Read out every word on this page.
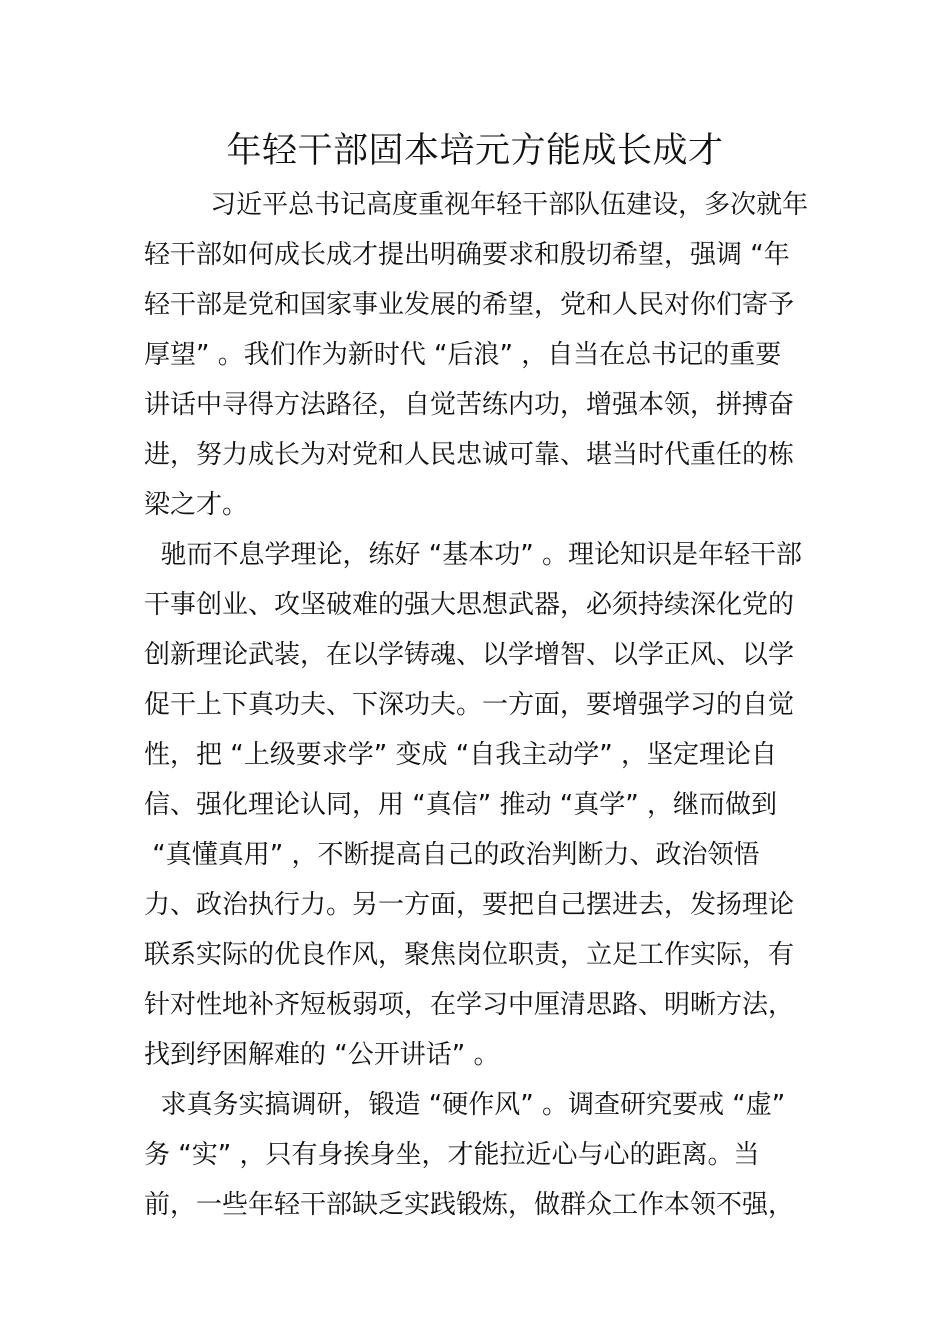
年轻干部固本培元方能成长成才
习近平总书记高度重视年轻干部队伍建设，多次就年
轻干部如何成长成才提出明确要求和殷切希望，强调 “年
轻干部是党和国家事业发展的希望，党和人民对你们寄予
厚望” 。我们作为新时代 “后浪” ，自当在总书记的重要
讲话中寻得方法路径，自觉苦练内功，增强本领，拼搏奋
进，努力成长为对党和人民忠诚可靠、堪当时代重任的栋
梁之才。
驰而不息学理论，练好 “基本功” 。理论知识是年轻干部
干事创业、攻坚破难的强大思想武器，必须持续深化党的
创新理论武装，在以学铸魂、以学增智、以学正风、以学
促干上下真功夫、下深功夫。一方面，要增强学习的自觉
性，把 “上级要求学” 变成 “自我主动学” ，坚定理论自
信、强化理论认同，用 “真信” 推动 “真学” ，继而做到
“真懂真用” ，不断提高自己的政治判断力、政治领悟
力、政治执行力。另一方面，要把自己摆进去，发扬理论
联系实际的优良作风，聚焦岗位职责，立足工作实际，有
针对性地补齐短板弱项，在学习中厘清思路、明晰方法，
找到纾困解难的 “公开讲话” 。
求真务实搞调研，锻造 “硬作风” 。调查研究要戒 “虚”
务 “实” ，只有身挨身坐，才能拉近心与心的距离。当
前，一些年轻干部缺乏实践锻炼，做群众工作本领不强，
